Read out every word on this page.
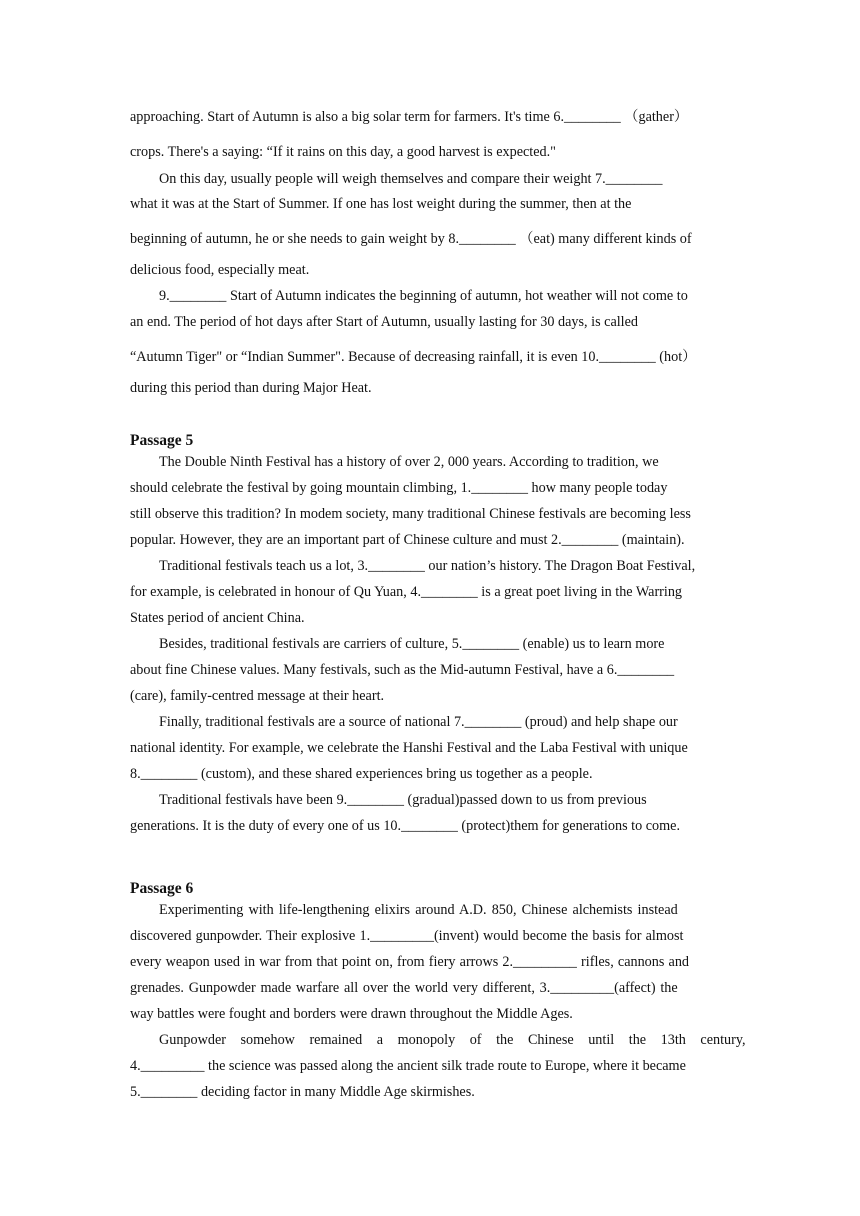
approaching. Start of Autumn is also a big solar term for farmers. It's time 6.________ （gather）
crops. There's a saying: “If it rains on this day, a good harvest is expected."
On this day, usually people will weigh themselves and compare their weight 7.________
what it was at the Start of Summer. If one has lost weight during the summer, then at the
beginning of autumn, he or she needs to gain weight by 8.________ （eat) many different kinds of
delicious food, especially meat.
9.________ Start of Autumn indicates the beginning of autumn, hot weather will not come to
an end. The period of hot days after Start of Autumn, usually lasting for 30 days, is called
“Autumn Tiger" or “Indian Summer". Because of decreasing rainfall, it is even 10.________ (hot）
during this period than during Major Heat.
Passage 5
The Double Ninth Festival has a history of over 2, 000 years. According to tradition, we
should celebrate the festival by going mountain climbing, 1.________ how many people today
still observe this tradition? In modem society, many traditional Chinese festivals are becoming less
popular. However, they are an important part of Chinese culture and must 2.________ (maintain).
Traditional festivals teach us a lot, 3.________ our nation’s history. The Dragon Boat Festival,
for example, is celebrated in honour of Qu Yuan, 4.________ is a great poet living in the Warring
States period of ancient China.
Besides, traditional festivals are carriers of culture, 5.________ (enable) us to learn more
about fine Chinese values. Many festivals, such as the Mid-autumn Festival, have a 6.________
(care), family-centred message at their heart.
Finally, traditional festivals are a source of national 7.________ (proud) and help shape our
national identity. For example, we celebrate the Hanshi Festival and the Laba Festival with unique
8.________ (custom), and these shared experiences bring us together as a people.
Traditional festivals have been 9.________ (gradual)passed down to us from previous
generations. It is the duty of every one of us 10.________ (protect)them for generations to come.
Passage 6
Experimenting with life-lengthening elixirs around A.D. 850, Chinese alchemists instead
discovered gunpowder. Their explosive 1._________(invent) would become the basis for almost
every weapon used in war from that point on, from fiery arrows 2._________ rifles, cannons and
grenades. Gunpowder made warfare all over the world very different, 3._________(affect) the
way battles were fought and borders were drawn throughout the Middle Ages.
Gunpowder somehow remained a monopoly of the Chinese until the 13th century,
4._________ the science was passed along the ancient silk trade route to Europe, where it became
5.________ deciding factor in many Middle Age skirmishes.
